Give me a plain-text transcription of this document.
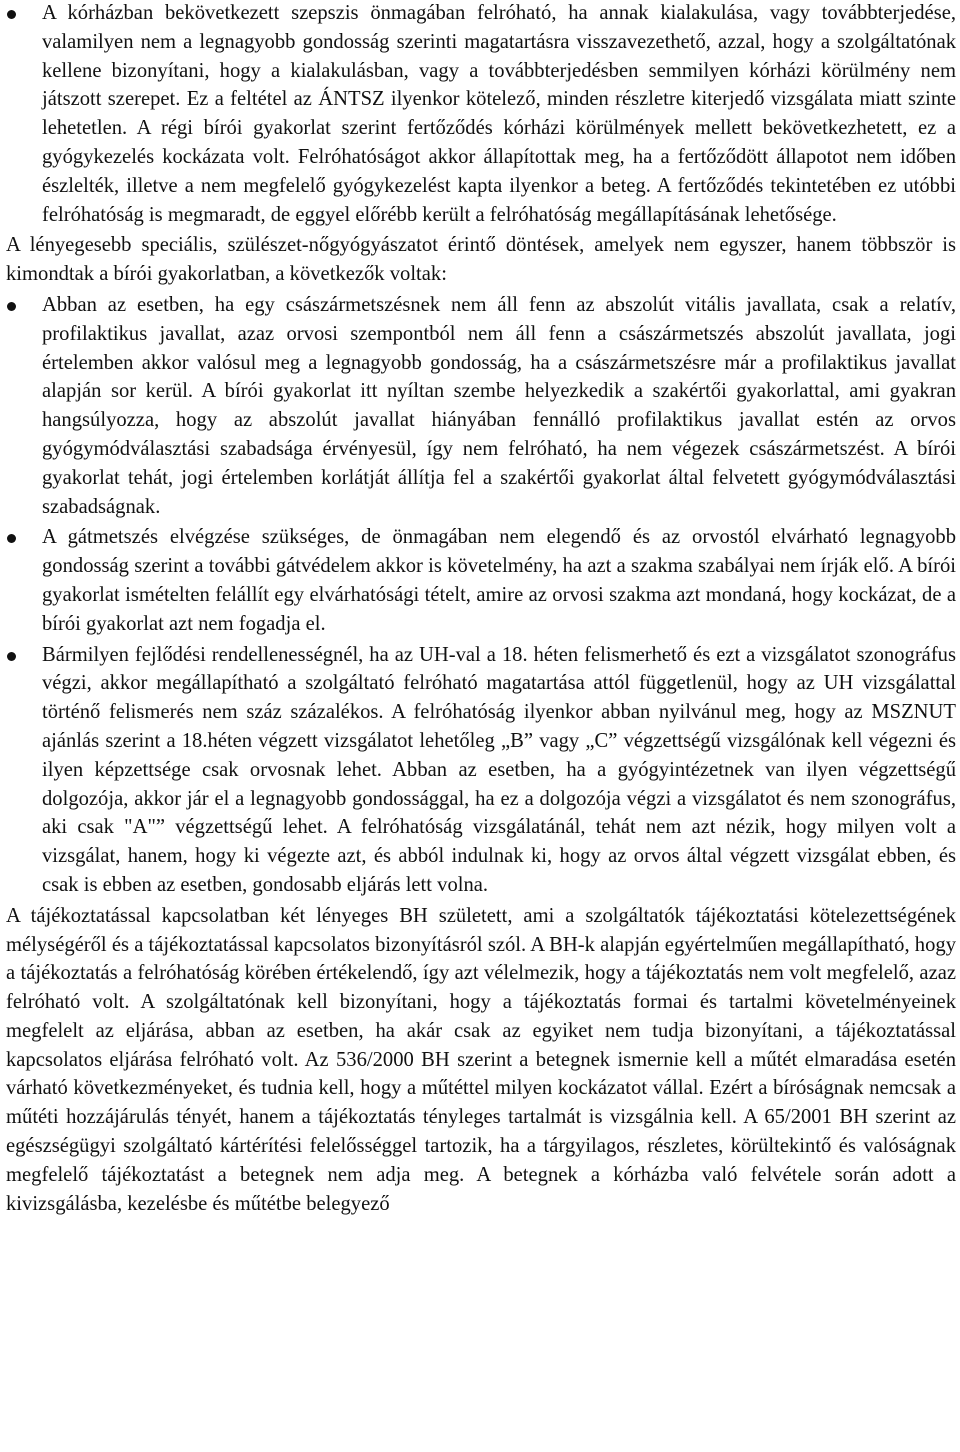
A kórházban bekövetkezett szepszis önmagában felróható, ha annak kialakulása, vagy továbbterjedése, valamilyen nem a legnagyobb gondosság szerinti magatartásra visszavezethető, azzal, hogy a szolgáltatónak kellene bizonyítani, hogy a kialakulásban, vagy a továbbterjedésben semmilyen kórházi körülmény nem játszott szerepet. Ez a feltétel az ÁNTSZ ilyenkor kötelező, minden részletre kiterjedő vizsgálata miatt szinte lehetetlen. A régi bírói gyakorlat szerint fertőződés kórházi körülmények mellett bekövetkezhetett, ez a gyógykezelés kockázata volt. Felróhatóságot akkor állapítottak meg, ha a fertőződött állapotot nem időben észlelték, illetve a nem megfelelő gyógykezelést kapta ilyenkor a beteg. A fertőződés tekintetében ez utóbbi felróhatóság is megmaradt, de eggyel előrébb került a felróhatóság megállapításának lehetősége.
A lényegesebb speciális, szülészet-nőgyógyászatot érintő döntések, amelyek nem egyszer, hanem többször is kimondtak a bírói gyakorlatban, a következők voltak:
Abban az esetben, ha egy császármetszésnek nem áll fenn az abszolút vitális javallata, csak a relatív, profilaktikus javallat, azaz orvosi szempontból nem áll fenn a császármetszés abszolút javallata, jogi értelemben akkor valósul meg a legnagyobb gondosság, ha a császármetszésre már a profilaktikus javallat alapján sor kerül. A bírói gyakorlat itt nyíltan szembe helyezkedik a szakértői gyakorlattal, ami gyakran hangsúlyozza, hogy az abszolút javallat hiányában fennálló profilaktikus javallat estén az orvos gyógymódválasztási szabadsága érvényesül, így nem felróható, ha nem végezek császármetszést. A bírói gyakorlat tehát, jogi értelemben korlátját állítja fel a szakértői gyakorlat által felvetett gyógymódválasztási szabadságnak.
A gátmetszés elvégzése szükséges, de önmagában nem elegendő és az orvostól elvárható legnagyobb gondosság szerint a további gátvédelem akkor is követelmény, ha azt a szakma szabályai nem írják elő. A bírói gyakorlat ismételten felállít egy elvárhatósági tételt, amire az orvosi szakma azt mondaná, hogy kockázat, de a bírói gyakorlat azt nem fogadja el.
Bármilyen fejlődési rendellenességnél, ha az UH-val a 18. héten felismerhető és ezt a vizsgálatot szonográfus végzi, akkor megállapítható a szolgáltató felróható magatartása attól függetlenül, hogy az UH vizsgálattal történő felismerés nem száz százalékos. A felróhatóság ilyenkor abban nyilvánul meg, hogy az MSZNUT ajánlás szerint a 18.héten végzett vizsgálatot lehetőleg „B” vagy „C” végzettségű vizsgálónak kell végezni és ilyen képzettsége csak orvosnak lehet. Abban az esetben, ha a gyógyintézetnek van ilyen végzettségű dolgozója, akkor jár el a legnagyobb gondossággal, ha ez a dolgozója végzi a vizsgálatot és nem szonográfus, aki csak "A"” végzettségű lehet. A felróhatóság vizsgálatánál, tehát nem azt nézik, hogy milyen volt a vizsgálat, hanem, hogy ki végezte azt, és abból indulnak ki, hogy az orvos által végzett vizsgálat ebben, és csak is ebben az esetben, gondosabb eljárás lett volna.
A tájékoztatással kapcsolatban két lényeges BH született, ami a szolgáltatók tájékoztatási kötelezettségének mélységéről és a tájékoztatással kapcsolatos bizonyításról szól. A BH-k alapján egyértelműen megállapítható, hogy a tájékoztatás a felróhatóság körében értékelendő, így azt vélelmezik, hogy a tájékoztatás nem volt megfelelő, azaz felróható volt. A szolgáltatónak kell bizonyítani, hogy a tájékoztatás formai és tartalmi követelményeinek megfelelt az eljárása, abban az esetben, ha akár csak az egyiket nem tudja bizonyítani, a tájékoztatással kapcsolatos eljárása felróható volt. Az 536/2000 BH szerint a betegnek ismernie kell a műtét elmaradása esetén várható következményeket, és tudnia kell, hogy a műtéttel milyen kockázatot vállal. Ezért a bíróságnak nemcsak a műtéti hozzájárulás tényét, hanem a tájékoztatás tényleges tartalmát is vizsgálnia kell. A 65/2001 BH szerint az egészségügyi szolgáltató kártérítési felelősséggel tartozik, ha a tárgyilagos, részletes, körültekintő és valóságnak megfelelő tájékoztatást a betegnek nem adja meg. A betegnek a kórházba való felvétele során adott a kivizsgálásba, kezelésbe és műtétbe belegyező
